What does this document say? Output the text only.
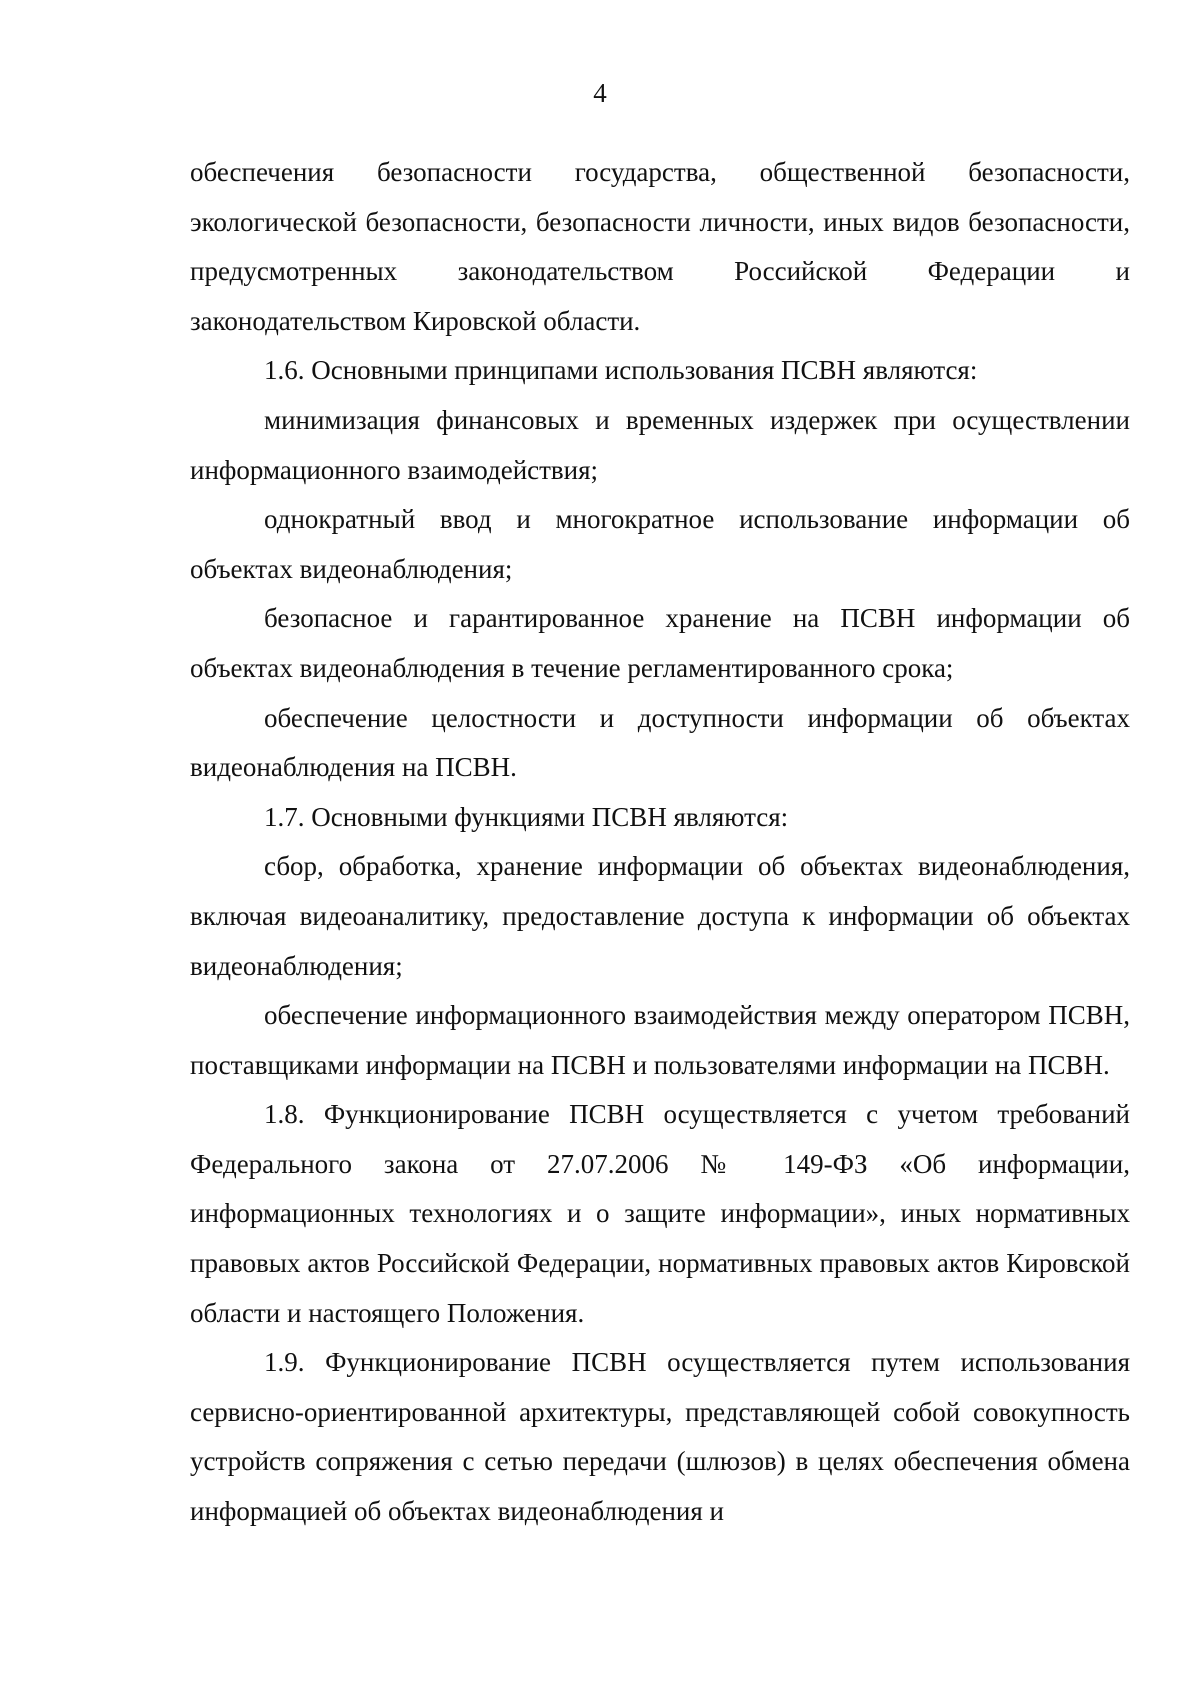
4

обеспечения безопасности государства, общественной безопасности, экологической безопасности, безопасности личности, иных видов безопасности, предусмотренных законодательством Российской Федерации и законодательством Кировской области.

1.6. Основными принципами использования ПСВН являются:

минимизация финансовых и временных издержек при осуществлении информационного взаимодействия;

однократный ввод и многократное использование информации об объектах видеонаблюдения;

безопасное и гарантированное хранение на ПСВН информации об объектах видеонаблюдения в течение регламентированного срока;

обеспечение целостности и доступности информации об объектах видеонаблюдения на ПСВН.

1.7. Основными функциями ПСВН являются:

сбор, обработка, хранение информации об объектах видеонаблюдения, включая видеоаналитику, предоставление доступа к информации об объектах видеонаблюдения;

обеспечение информационного взаимодействия между оператором ПСВН, поставщиками информации на ПСВН и пользователями информации на ПСВН.

1.8. Функционирование ПСВН осуществляется с учетом требований Федерального закона от 27.07.2006 № 149-ФЗ «Об информации, информационных технологиях и о защите информации», иных нормативных правовых актов Российской Федерации, нормативных правовых актов Кировской области и настоящего Положения.

1.9. Функционирование ПСВН осуществляется путем использования сервисно-ориентированной архитектуры, представляющей собой совокупность устройств сопряжения с сетью передачи (шлюзов) в целях обеспечения обмена информацией об объектах видеонаблюдения и
